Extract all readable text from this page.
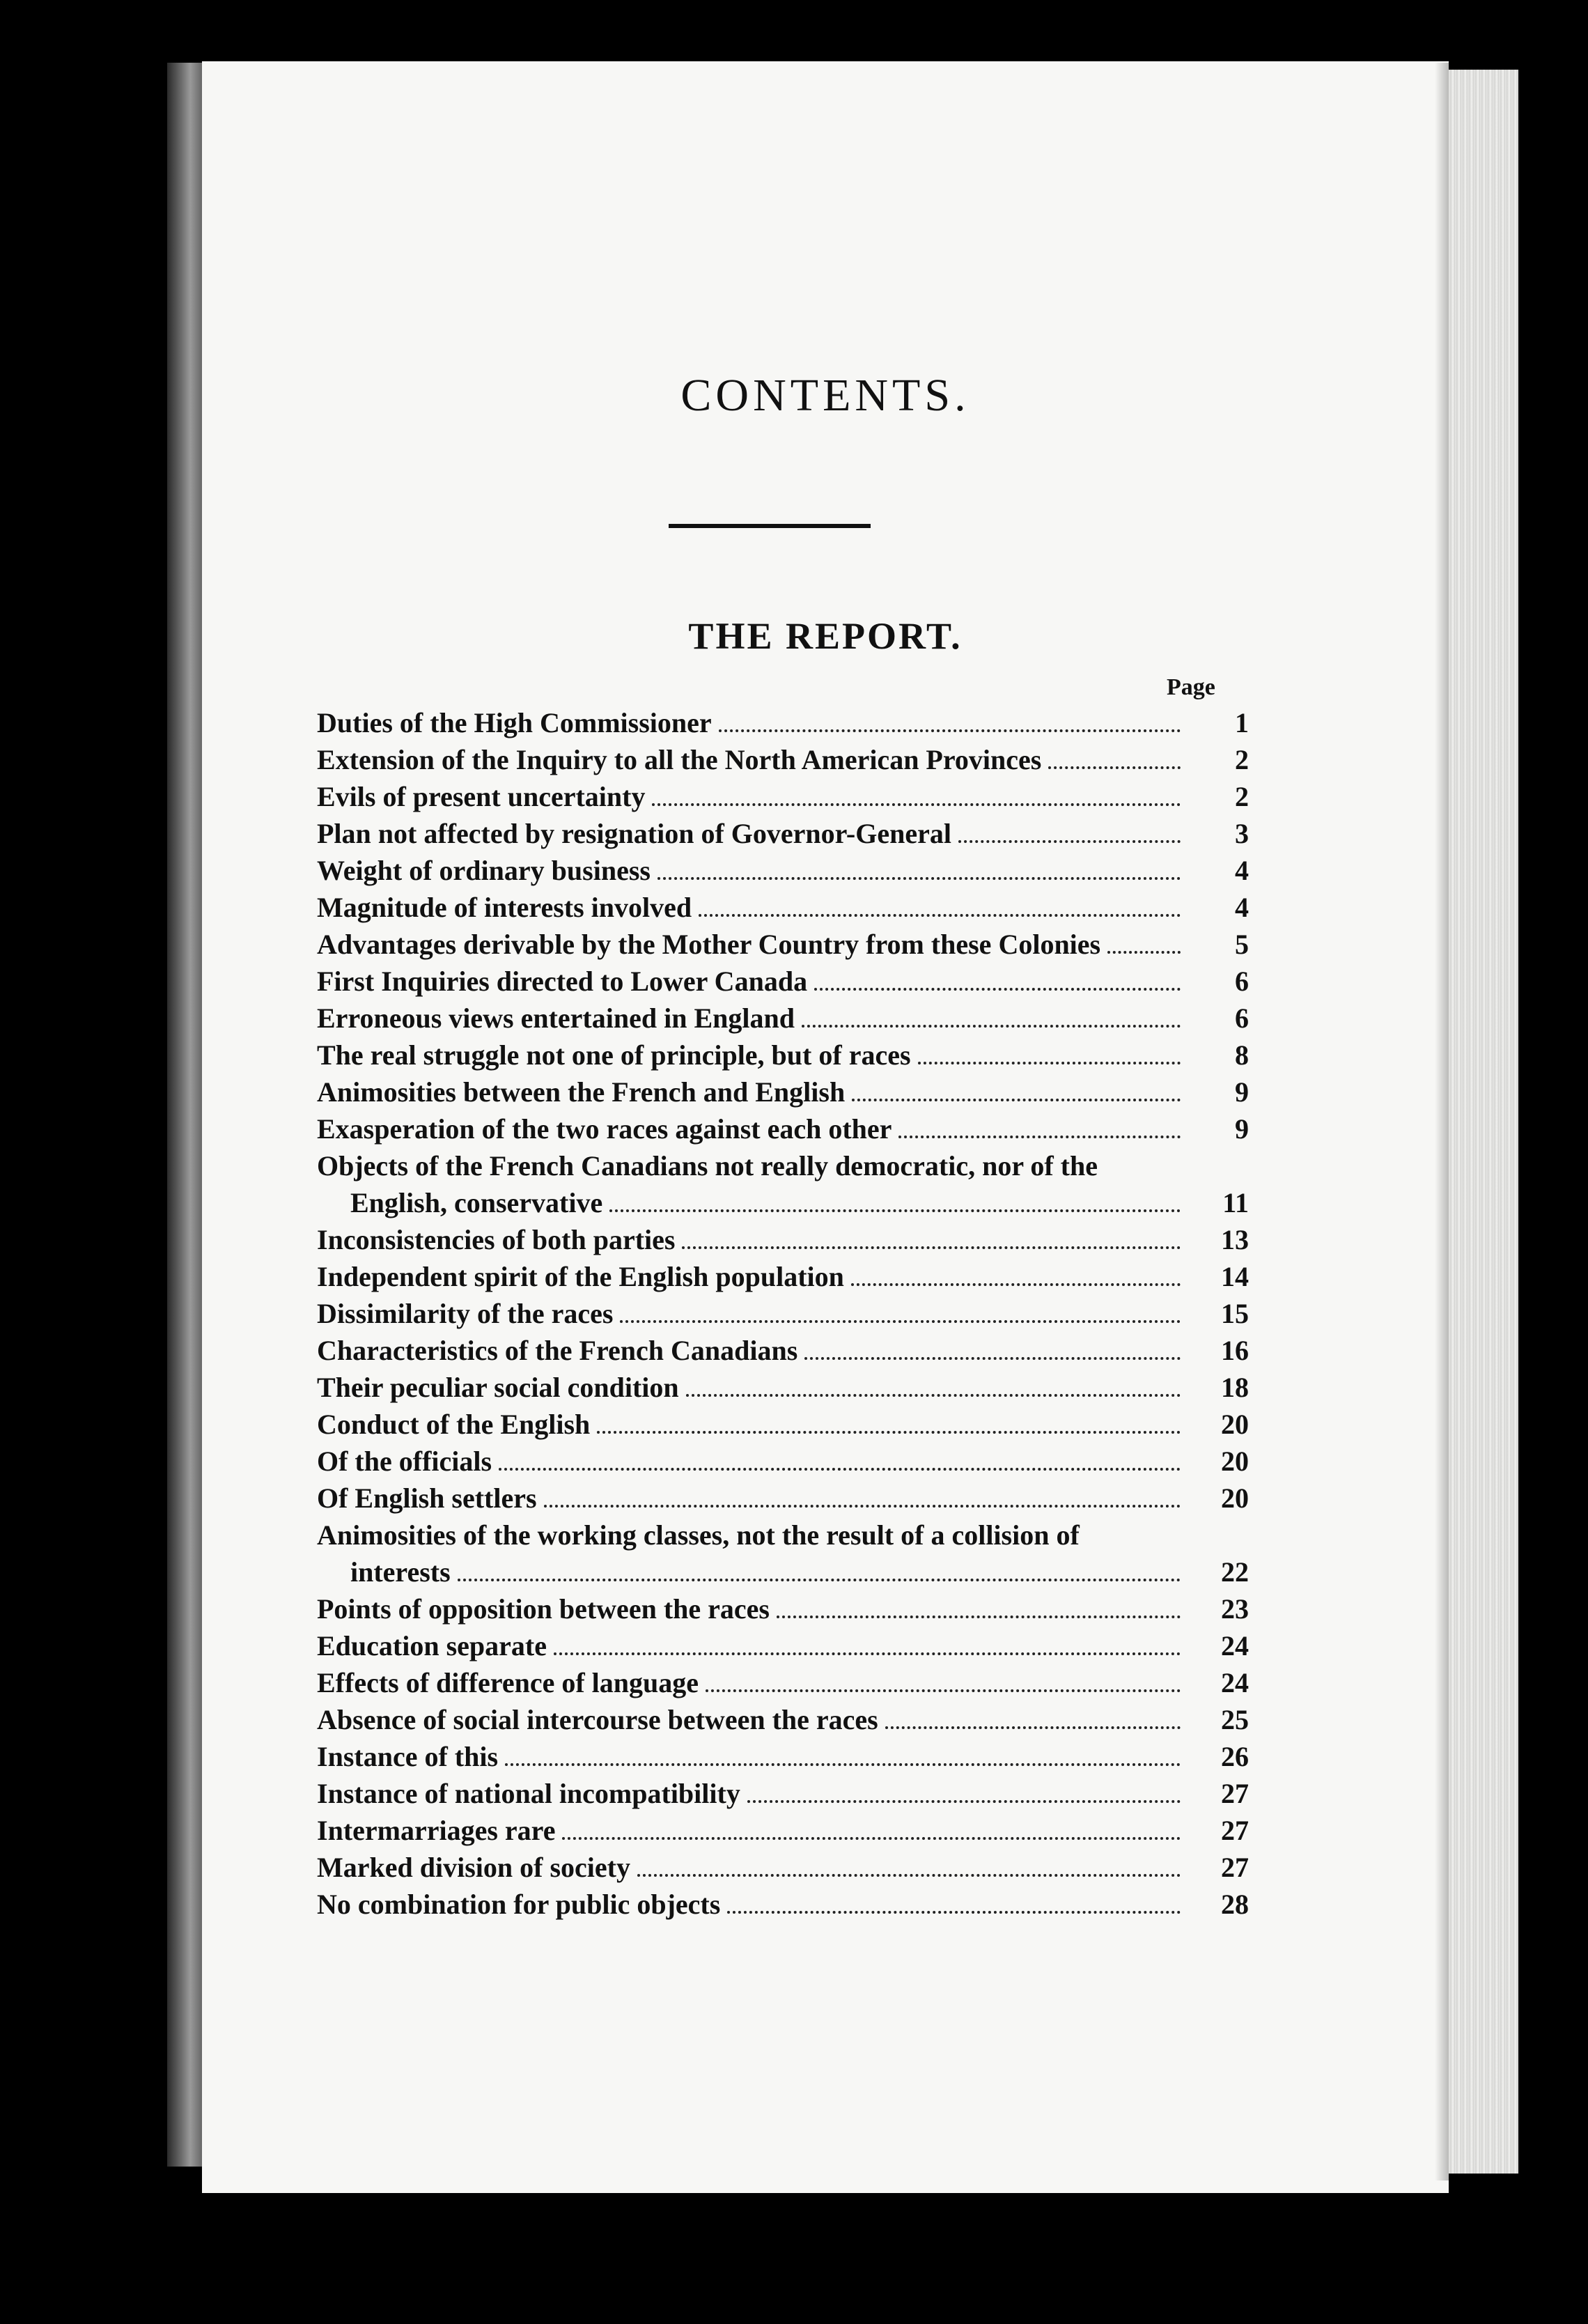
CONTENTS.
THE REPORT.
Page
Duties of the High Commissioner	1
Extension of the Inquiry to all the North American Provinces	2
Evils of present uncertainty	2
Plan not affected by resignation of Governor-General	3
Weight of ordinary business	4
Magnitude of interests involved	4
Advantages derivable by the Mother Country from these Colonies	5
First Inquiries directed to Lower Canada	6
Erroneous views entertained in England	6
The real struggle not one of principle, but of races	8
Animosities between the French and English	9
Exasperation of the two races against each other	9
Objects of the French Canadians not really democratic, nor of the
English, conservative	11
Inconsistencies of both parties	13
Independent spirit of the English population	14
Dissimilarity of the races	15
Characteristics of the French Canadians	16
Their peculiar social condition	18
Conduct of the English	20
Of the officials	20
Of English settlers	20
Animosities of the working classes, not the result of a collision of
interests	22
Points of opposition between the races	23
Education separate	24
Effects of difference of language	24
Absence of social intercourse between the races	25
Instance of this	26
Instance of national incompatibility	27
Intermarriages rare	27
Marked division of society	27
No combination for public objects	28
